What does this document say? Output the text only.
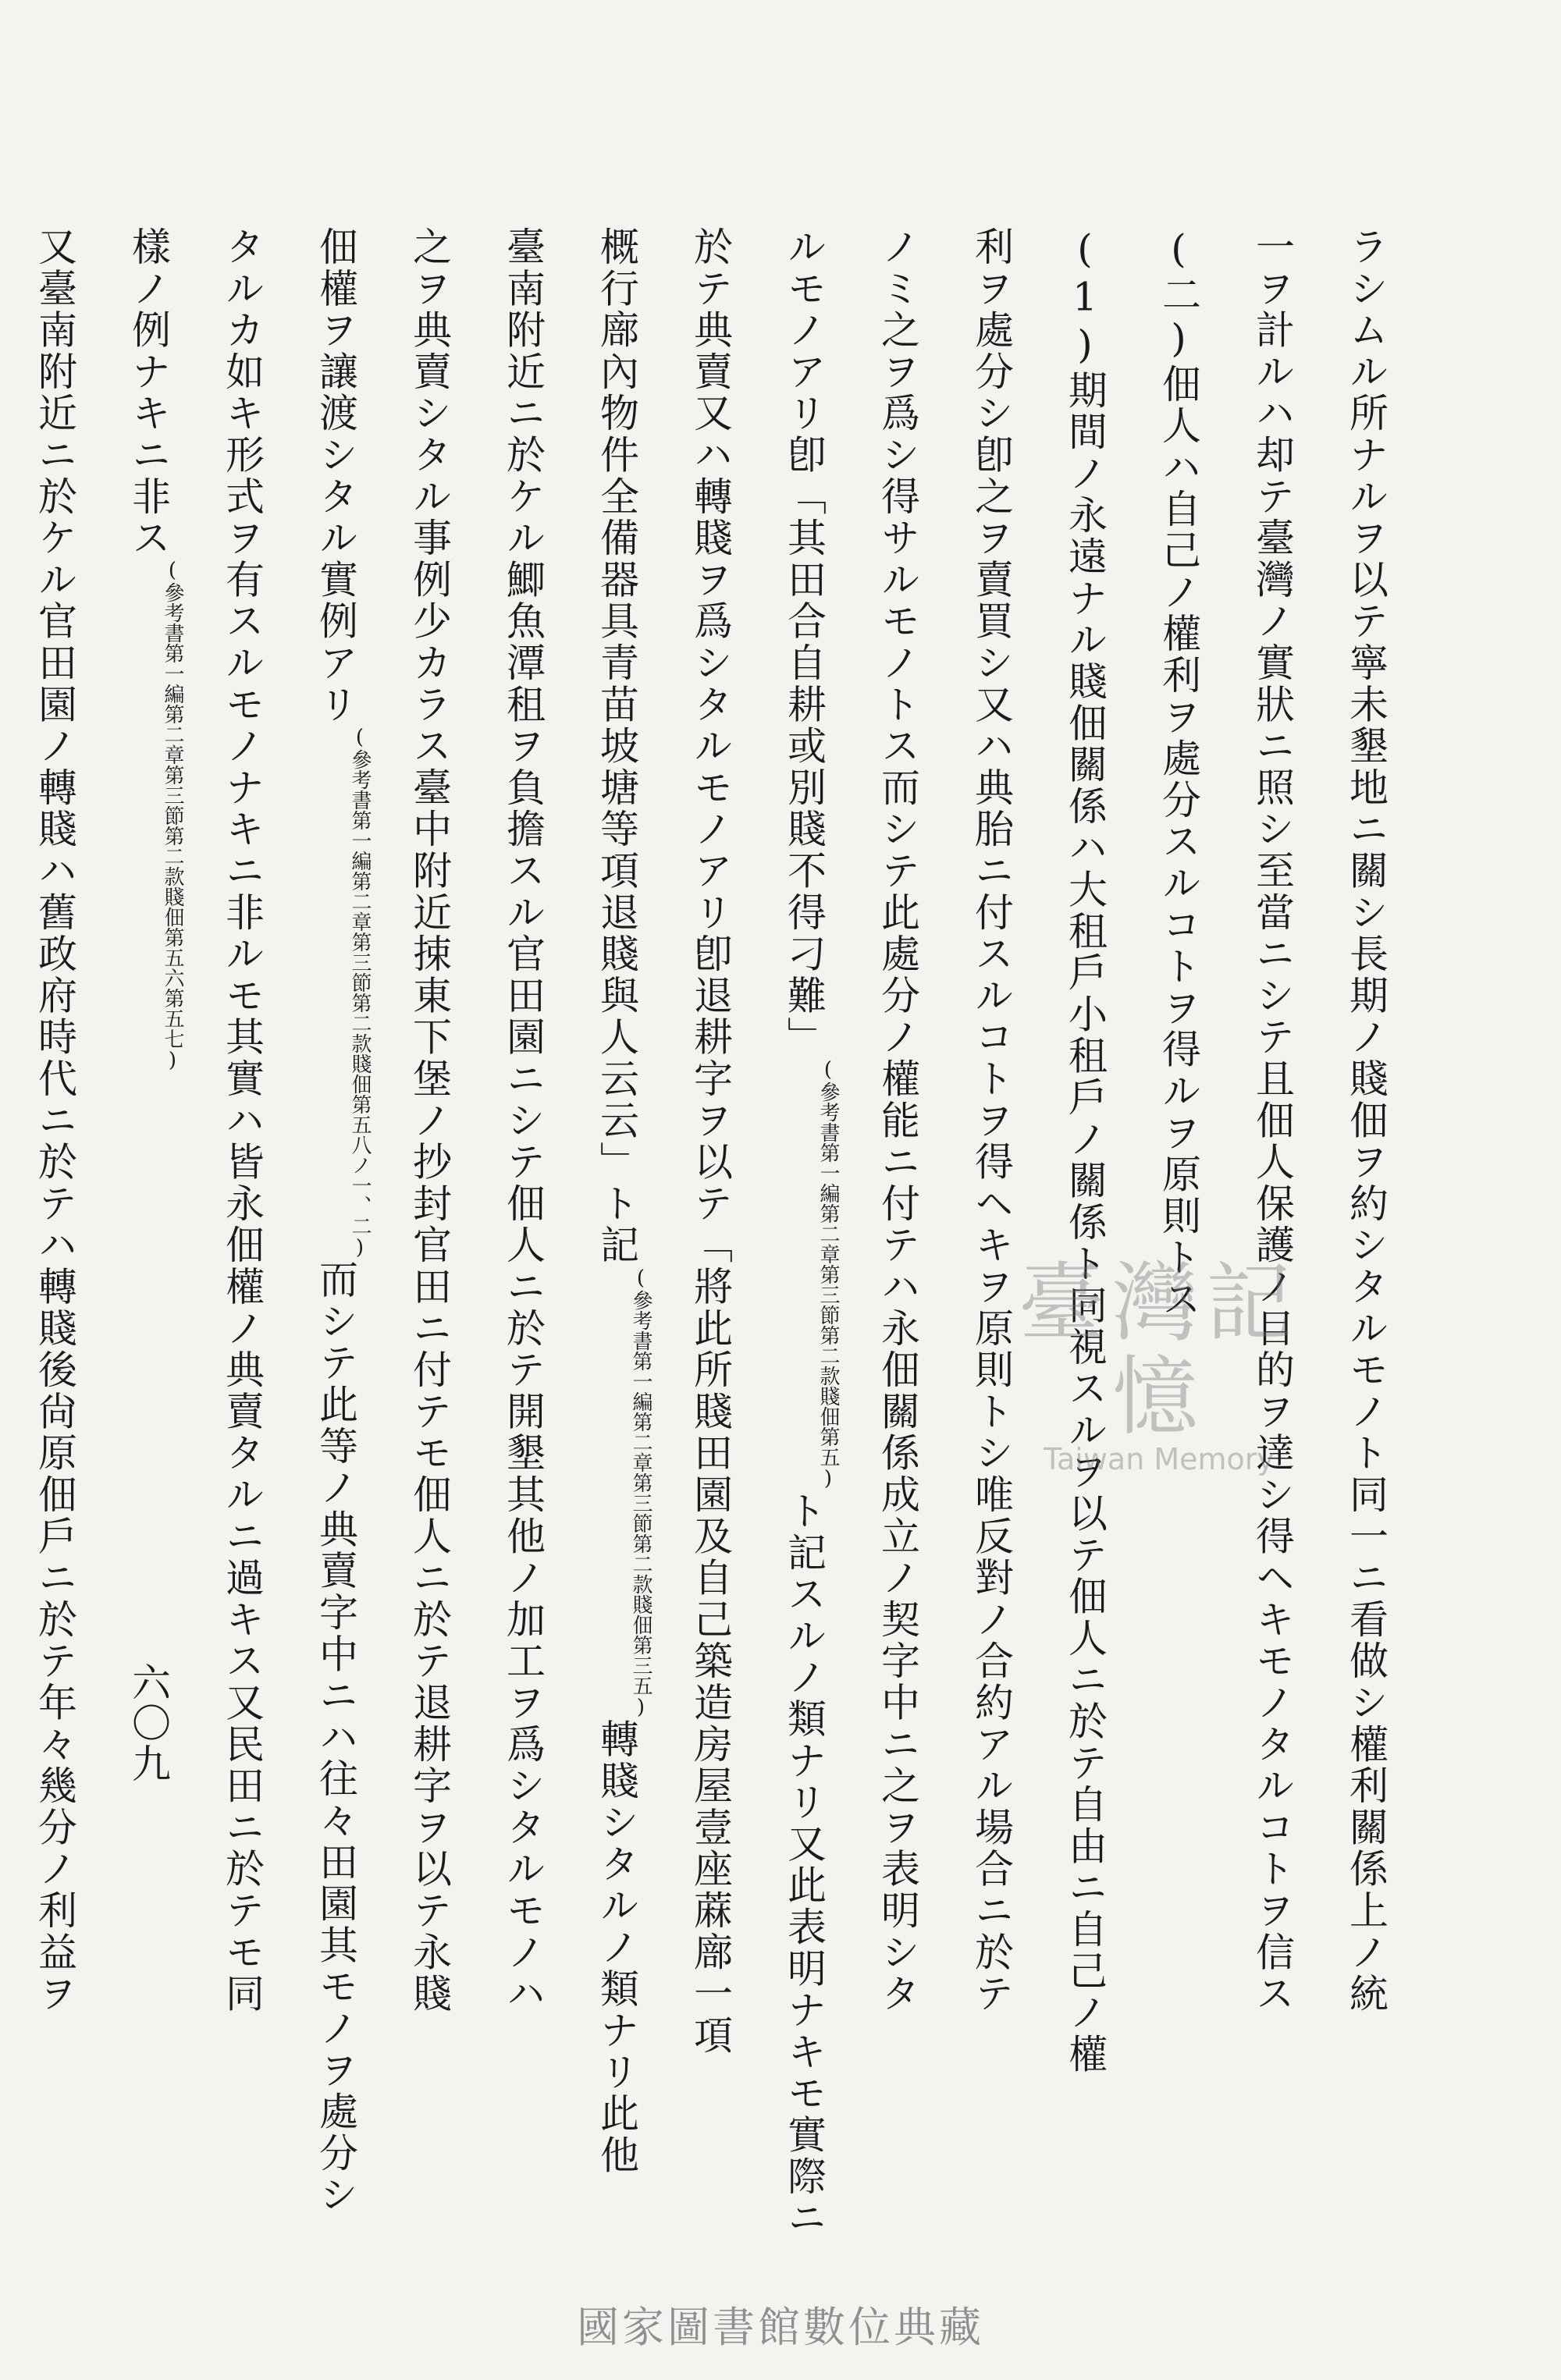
ラシムル所ナルヲ以テ寧未墾地ニ關シ長期ノ賤佃ヲ約シタルモノト同一ニ看做シ權利關係上ノ統
一ヲ計ルハ却テ臺灣ノ實狀ニ照シ至當ニシテ且佃人保護ノ目的ヲ達シ得ヘキモノタルコトヲ信ス
(二)佃人ハ自己ノ權利ヲ處分スルコトヲ得ルヲ原則トス
(1)期間ノ永遠ナル賤佃關係ハ大租戶小租戶ノ關係ト同視スルヲ以テ佃人ニ於テ自由ニ自己ノ權
利ヲ處分シ卽之ヲ賣買シ又ハ典胎ニ付スルコトヲ得ヘキヲ原則トシ唯反對ノ合約アル場合ニ於テ
ノミ之ヲ爲シ得サルモノトス而シテ此處分ノ權能ニ付テハ永佃關係成立ノ契字中ニ之ヲ表明シタ
ルモノアリ卽「其田合自耕或別賤不得刁難」(參考書第一編第二章第三節第二款賤佃第五)ト記スルノ類ナリ又此表明ナキモ實際ニ
於テ典賣又ハ轉賤ヲ爲シタルモノアリ卽退耕字ヲ以テ「將此所賤田園及自己築造房屋壹座蔴廍一項
概行廍內物件全備器具青苗坡塘等項退賤與人云云」ト記(參考書第一編第二章第三節第二款賤佃第三五)轉賤シタルノ類ナリ此他
臺南附近ニ於ケル鯽魚潭租ヲ負擔スル官田園ニシテ佃人ニ於テ開墾其他ノ加工ヲ爲シタルモノハ
之ヲ典賣シタル事例少カラス臺中附近捒東下堡ノ抄封官田ニ付テモ佃人ニ於テ退耕字ヲ以テ永賤
佃權ヲ讓渡シタル實例アリ(參考書第一編第二章第三節第二款賤佃第五八ノ一、二)而シテ此等ノ典賣字中ニハ往々田園其モノヲ處分シ
タルカ如キ形式ヲ有スルモノナキニ非ルモ其實ハ皆永佃權ノ典賣タルニ過キス又民田ニ於テモ同
樣ノ例ナキニ非ス(參考書第一編第二章第三節第二款賤佃第五六第五七)
又臺南附近ニ於ケル官田園ノ轉賤ハ舊政府時代ニ於テハ轉賤後尙原佃戶ニ於テ年々幾分ノ利益ヲ	六〇九
臺灣記憶
Taiwan Memory
國家圖書館數位典藏
